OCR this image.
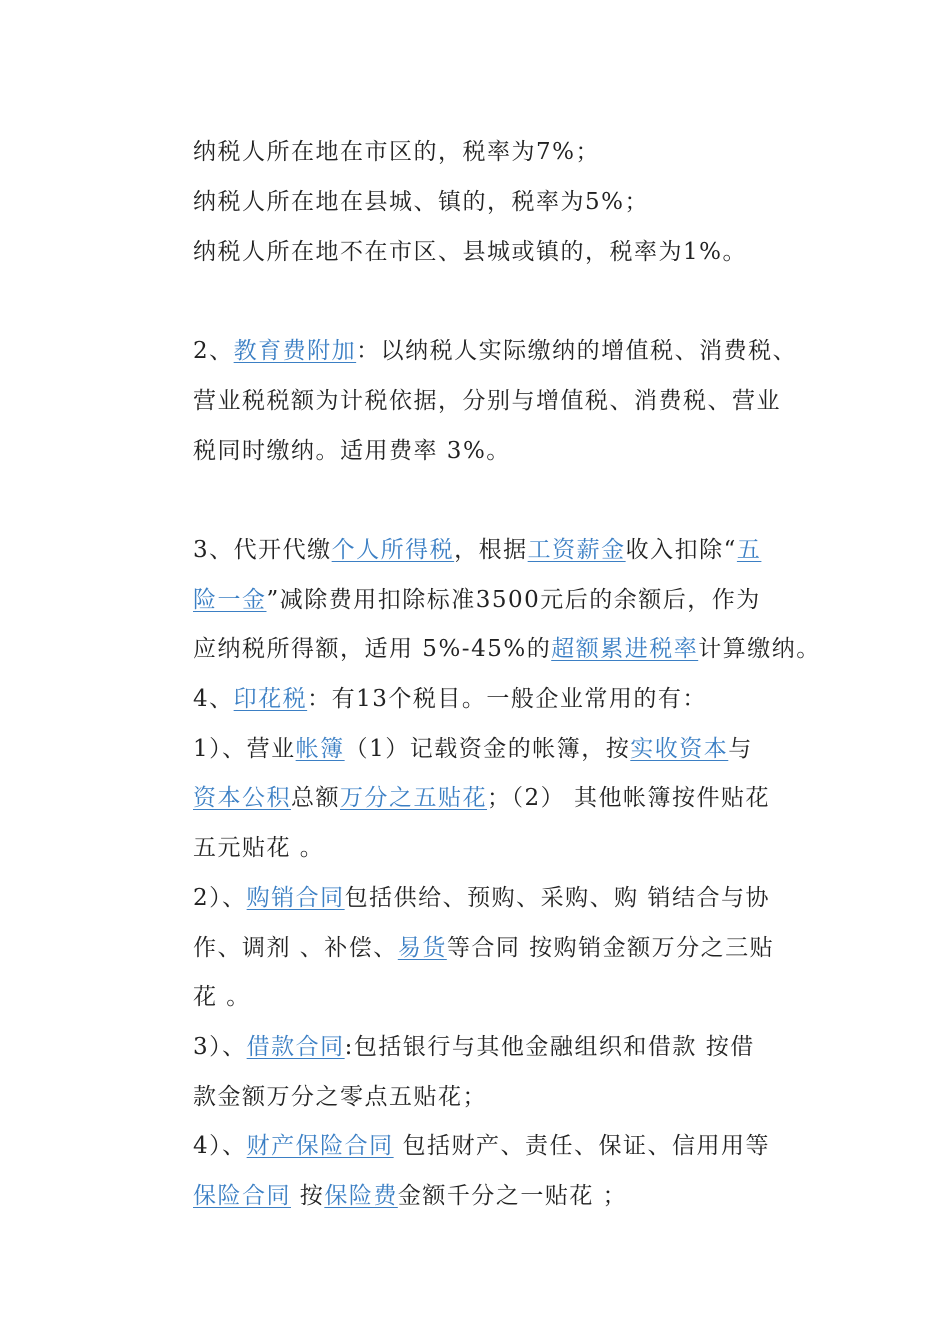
纳税人所在地在市区的，税率为7%；
纳税人所在地在县城、镇的，税率为5%；
纳税人所在地不在市区、县城或镇的，税率为1%。
2、教育费附加：以纳税人实际缴纳的增值税、消费税、
营业税税额为计税依据，分别与增值税、消费税、营业
税同时缴纳。适用费率 3%。
3、代开代缴个人所得税，根据工资薪金收入扣除“五
险一金”减除费用扣除标准3500元后的余额后，作为
应纳税所得额，适用 5%-45%的超额累进税率计算缴纳。
4、印花税：有13个税目。一般企业常用的有：
1）、营业帐簿（1）记载资金的帐簿，按实收资本与
资本公积总额万分之五贴花；（2） 其他帐簿按件贴花
五元贴花 。
2）、购销合同包括供给、预购、采购、购 销结合与协
作、调剂 、补偿、易货等合同 按购销金额万分之三贴
花 。
3）、借款合同:包括银行与其他金融组织和借款 按借
款金额万分之零点五贴花；
4）、财产保险合同 包括财产、责任、保证、信用用等
保险合同 按保险费金额千分之一贴花 ；
